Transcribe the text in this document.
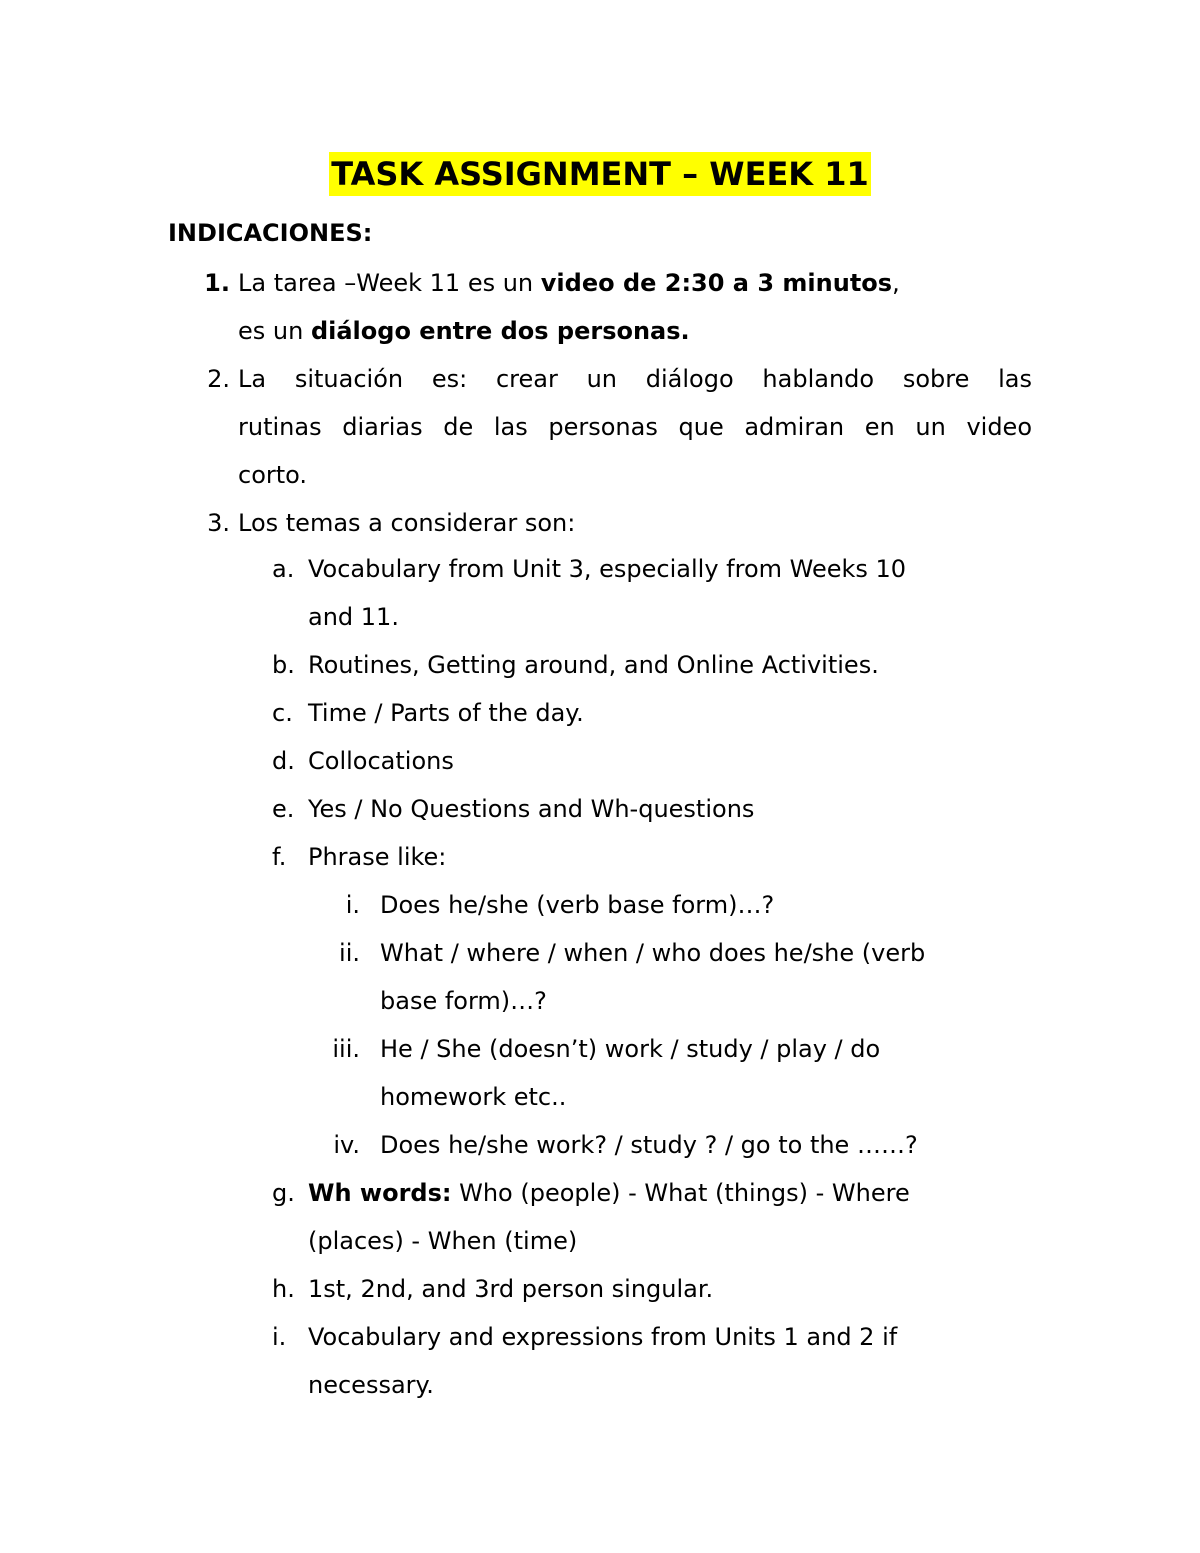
TASK ASSIGNMENT – WEEK 11
INDICACIONES:
1. La tarea –Week 11 es un video de 2:30 a 3 minutos,
es un diálogo entre dos personas.
2. La situación es: crear un diálogo hablando sobre las
rutinas diarias de las personas que admiran en un video
corto.
3. Los temas a considerar son:
a. Vocabulary from Unit 3, especially from Weeks 10
and 11.
b. Routines, Getting around, and Online Activities.
c. Time / Parts of the day.
d. Collocations
e. Yes / No Questions and Wh-questions
f. Phrase like:
i. Does he/she (verb base form)…?
ii. What / where / when / who does he/she (verb
base form)…?
iii. He / She (doesn’t) work / study / play / do
homework etc..
iv. Does he/she work? / study ? / go to the ……?
g. Wh words: Who (people) - What (things) - Where
(places) - When (time)
h. 1st, 2nd, and 3rd person singular.
i. Vocabulary and expressions from Units 1 and 2 if
necessary.
